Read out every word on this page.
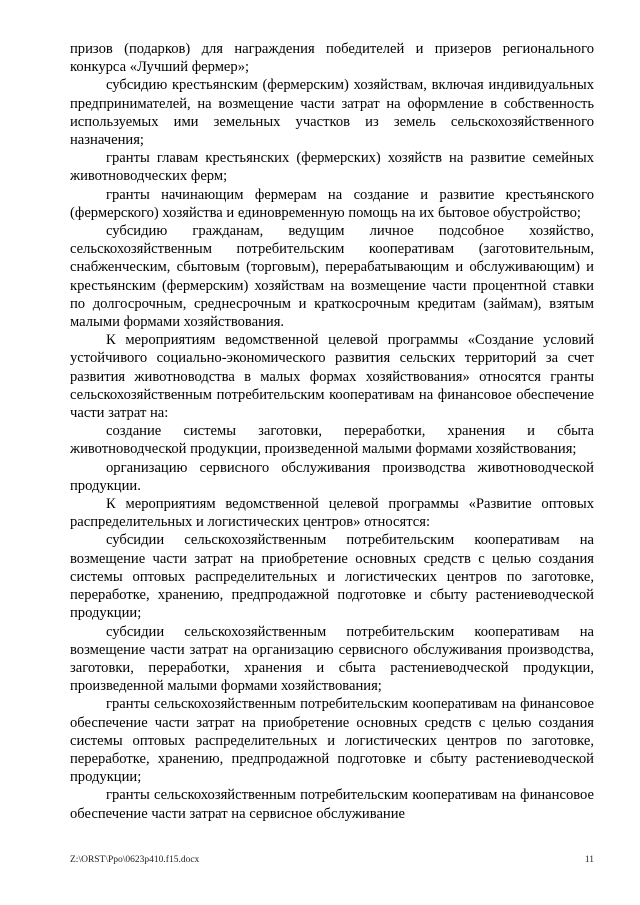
призов (подарков) для награждения победителей и призеров регионального конкурса «Лучший фермер»;

субсидию крестьянским (фермерским) хозяйствам, включая индивидуальных предпринимателей, на возмещение части затрат на оформление в собственность используемых ими земельных участков из земель сельскохозяйственного назначения;

гранты главам крестьянских (фермерских) хозяйств на развитие семейных животноводческих ферм;

гранты начинающим фермерам на создание и развитие крестьянского (фермерского) хозяйства и единовременную помощь на их бытовое обустройство;

субсидию гражданам, ведущим личное подсобное хозяйство, сельскохозяйственным потребительским кооперативам (заготовительным, снабженческим, сбытовым (торговым), перерабатывающим и обслуживающим) и крестьянским (фермерским) хозяйствам на возмещение части процентной ставки по долгосрочным, среднесрочным и краткосрочным кредитам (займам), взятым малыми формами хозяйствования.

К мероприятиям ведомственной целевой программы «Создание условий устойчивого социально-экономического развития сельских территорий за счет развития животноводства в малых формах хозяйствования» относятся гранты сельскохозяйственным потребительским кооперативам на финансовое обеспечение части затрат на:

создание системы заготовки, переработки, хранения и сбыта животноводческой продукции, произведенной малыми формами хозяйствования;

организацию сервисного обслуживания производства животноводческой продукции.

К мероприятиям ведомственной целевой программы «Развитие оптовых распределительных и логистических центров» относятся:

субсидии сельскохозяйственным потребительским кооперативам на возмещение части затрат на приобретение основных средств с целью создания системы оптовых распределительных и логистических центров по заготовке, переработке, хранению, предпродажной подготовке и сбыту растениеводческой продукции;

субсидии сельскохозяйственным потребительским кооперативам на возмещение части затрат на организацию сервисного обслуживания производства, заготовки, переработки, хранения и сбыта растениеводческой продукции, произведенной малыми формами хозяйствования;

гранты сельскохозяйственным потребительским кооперативам на финансовое обеспечение части затрат на приобретение основных средств с целью создания системы оптовых распределительных и логистических центров по заготовке, переработке, хранению, предпродажной подготовке и сбыту растениеводческой продукции;

гранты сельскохозяйственным потребительским кооперативам на финансовое обеспечение части затрат на сервисное обслуживание

Z:\ORST\Ppo\0623p410.f15.docx	11
